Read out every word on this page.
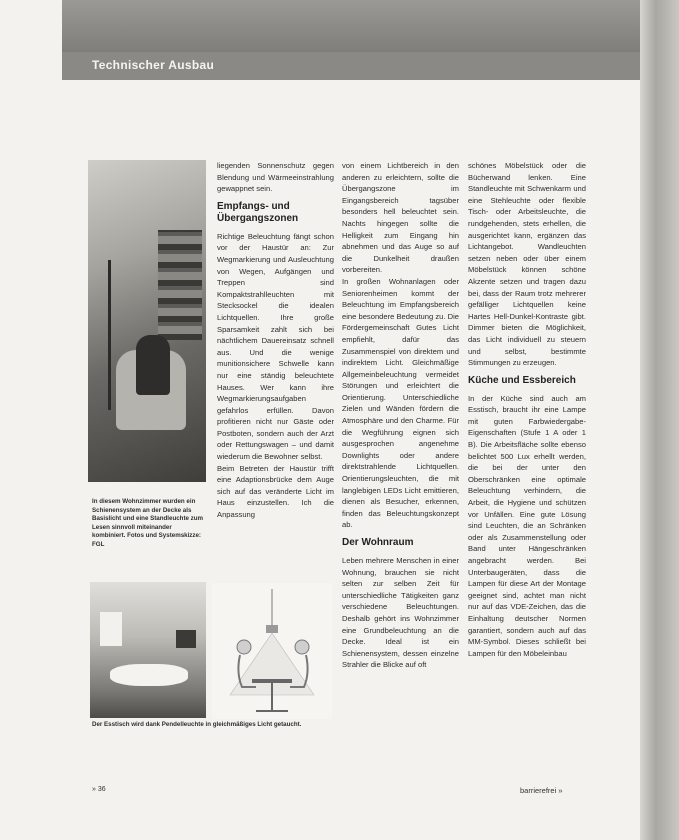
Technischer Ausbau
In diesem Wohnzimmer wurden ein Schienensystem an der Decke als Basislicht und eine Standleuchte zum Lesen sinnvoll miteinander kombiniert. Fotos und Systemskizze: FGL
Der Esstisch wird dank Pendelleuchte in gleichmäßiges Licht getaucht.

liegenden Sonnenschutz gegen Blendung und Wärmeeinstrahlung gewappnet sein.

Empfangs- und Übergangszonen

Richtige Beleuchtung fängt schon vor der Haustür an: Zur Wegmarkierung und Ausleuchtung von Wegen, Aufgängen und Treppen sind Kompaktstrahlleuchten mit Stecksockel die idealen Lichtquellen. Ihre große Sparsamkeit zahlt sich bei nächtlichem Dauereinsatz schnell aus. Und die wenige munitionsichere Schwelle kann nur eine ständig beleuchtete Hauses. Wer kann ihre Wegmarkierungsaufgaben gefahrlos erfüllen. Davon profitieren nicht nur Gäste oder Postboten, sondern auch der Arzt oder Rettungswagen – und damit wiederum die Bewohner selbst.

Beim Betreten der Haustür trifft eine Adaptionsbrücke dem Auge sich auf das veränderte Licht im Haus einzustellen. Ich die Anpassung

von einem Lichtbereich in den anderen zu erleichtern, sollte die Übergangszone im Eingangsbereich tagsüber besonders hell beleuchtet sein. Nachts hingegen sollte die Helligkeit zum Eingang hin abnehmen und das Auge so auf die Dunkelheit draußen vorbereiten.

In großen Wohnanlagen oder Seniorenheimen kommt der Beleuchtung im Empfangsbereich eine besondere Bedeutung zu. Die Fördergemeinschaft Gutes Licht empfiehlt, dafür das Zusammenspiel von direktem und indirektem Licht. Gleichmäßige Allgemeinbeleuchtung vermeidet Störungen und erleichtert die Orientierung. Unterschiedliche Zielen und Wänden fördern die Atmosphäre und den Charme. Für die Wegführung eignen sich ausgesprochen angenehme Downlights oder andere direktstrahlende Lichtquellen. Orientierungsleuchten, die mit langlebigen LEDs Licht emittieren, dienen als Besucher, erkennen, finden das Beleuchtungskonzept ab.

Der Wohnraum

Leben mehrere Menschen in einer Wohnung, brauchen sie nicht selten zur selben Zeit für unterschiedliche Tätigkeiten ganz verschiedene Beleuchtungen. Deshalb gehört ins Wohnzimmer eine Grundbeleuchtung an die Decke. Ideal ist ein Schienensystem, dessen einzelne Strahler die Blicke auf oft

schönes Möbelstück oder die Bücherwand lenken. Eine Standleuchte mit Schwenkarm und eine Stehleuchte oder flexible Tisch- oder Arbeitsleuchte, die rundgehenden, stets erhellen, die ausgerichtet kann, ergänzen das Lichtangebot. Wandleuchten setzen neben oder über einem Möbelstück können schöne Akzente setzen und tragen dazu bei, dass der Raum trotz mehrerer gefälliger Lichtquellen keine Hartes Hell-Dunkel-Kontraste gibt. Dimmer bieten die Möglichkeit, das Licht individuell zu steuern und selbst, bestimmte Stimmungen zu erzeugen.

Küche und Essbereich

In der Küche sind auch am Esstisch, braucht ihr eine Lampe mit guten Farbwiedergabe-Eigenschaften (Stufe 1 A oder 1 B). Die Arbeitsfläche sollte ebenso belichtet 500 Lux erhellt werden, die bei der unter den Oberschränken eine optimale Beleuchtung verhindern, die Arbeit, die Hygiene und schützen vor Unfällen. Eine gute Lösung sind Leuchten, die an Schränken oder als Zusammenstellung oder Band unter Hängeschränken angebracht werden. Bei Unterbaugeräten, dass die Lampen für diese Art der Montage geeignet sind, achtet man nicht nur auf das VDE-Zeichen, das die Einhaltung deutscher Normen garantiert, sondern auch auf das MM-Symbol. Dieses schließt bei Lampen für den Möbeleinbau

» 36	barrierefrei »
